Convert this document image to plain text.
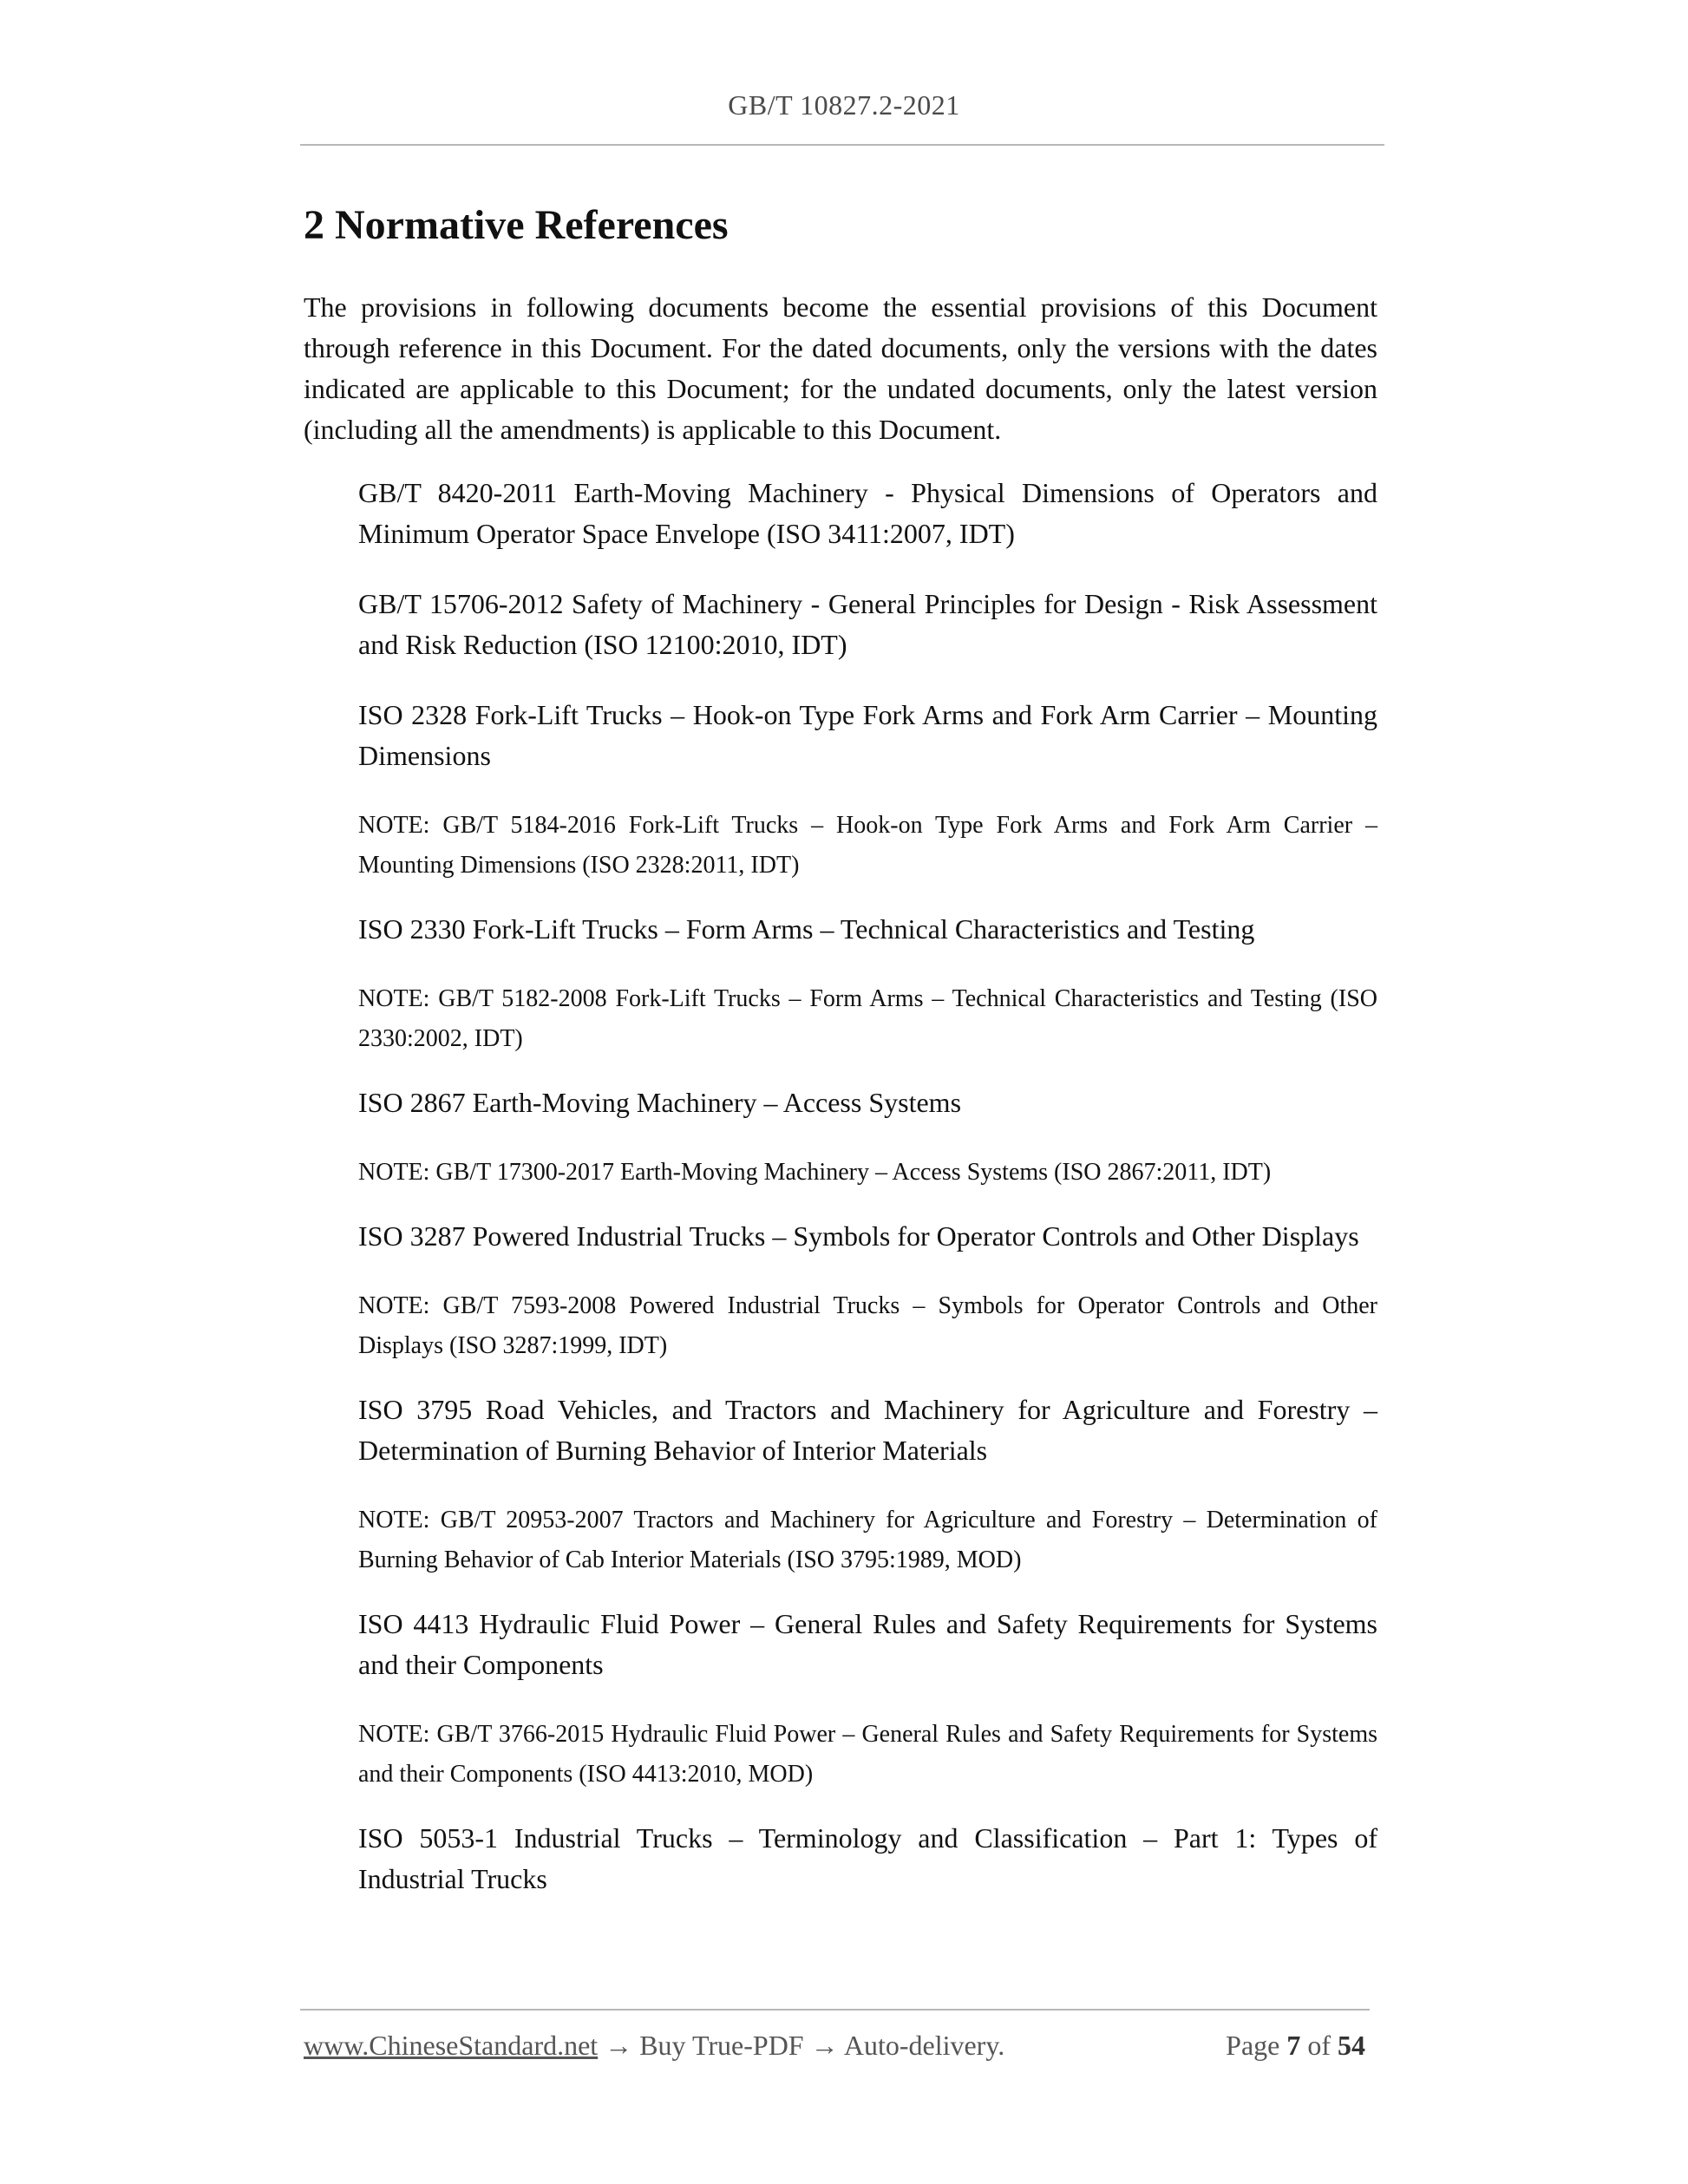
GB/T 10827.2-2021
2 Normative References

The provisions in following documents become the essential provisions of this Document through reference in this Document. For the dated documents, only the versions with the dates indicated are applicable to this Document; for the undated documents, only the latest version (including all the amendments) is applicable to this Document.

GB/T 8420-2011 Earth-Moving Machinery - Physical Dimensions of Operators and Minimum Operator Space Envelope (ISO 3411:2007, IDT)
GB/T 15706-2012 Safety of Machinery - General Principles for Design - Risk Assessment and Risk Reduction (ISO 12100:2010, IDT)
ISO 2328 Fork-Lift Trucks – Hook-on Type Fork Arms and Fork Arm Carrier – Mounting Dimensions
NOTE: GB/T 5184-2016 Fork-Lift Trucks – Hook-on Type Fork Arms and Fork Arm Carrier – Mounting Dimensions (ISO 2328:2011, IDT)
ISO 2330 Fork-Lift Trucks – Form Arms – Technical Characteristics and Testing
NOTE: GB/T 5182-2008 Fork-Lift Trucks – Form Arms – Technical Characteristics and Testing (ISO 2330:2002, IDT)
ISO 2867 Earth-Moving Machinery – Access Systems
NOTE: GB/T 17300-2017 Earth-Moving Machinery – Access Systems (ISO 2867:2011, IDT)
ISO 3287 Powered Industrial Trucks – Symbols for Operator Controls and Other Displays
NOTE: GB/T 7593-2008 Powered Industrial Trucks – Symbols for Operator Controls and Other Displays (ISO 3287:1999, IDT)
ISO 3795 Road Vehicles, and Tractors and Machinery for Agriculture and Forestry – Determination of Burning Behavior of Interior Materials
NOTE: GB/T 20953-2007 Tractors and Machinery for Agriculture and Forestry – Determination of Burning Behavior of Cab Interior Materials (ISO 3795:1989, MOD)
ISO 4413 Hydraulic Fluid Power – General Rules and Safety Requirements for Systems and their Components
NOTE: GB/T 3766-2015 Hydraulic Fluid Power – General Rules and Safety Requirements for Systems and their Components (ISO 4413:2010, MOD)
ISO 5053-1 Industrial Trucks – Terminology and Classification – Part 1: Types of Industrial Trucks
www.ChineseStandard.net → Buy True-PDF → Auto-delivery.	Page 7 of 54
